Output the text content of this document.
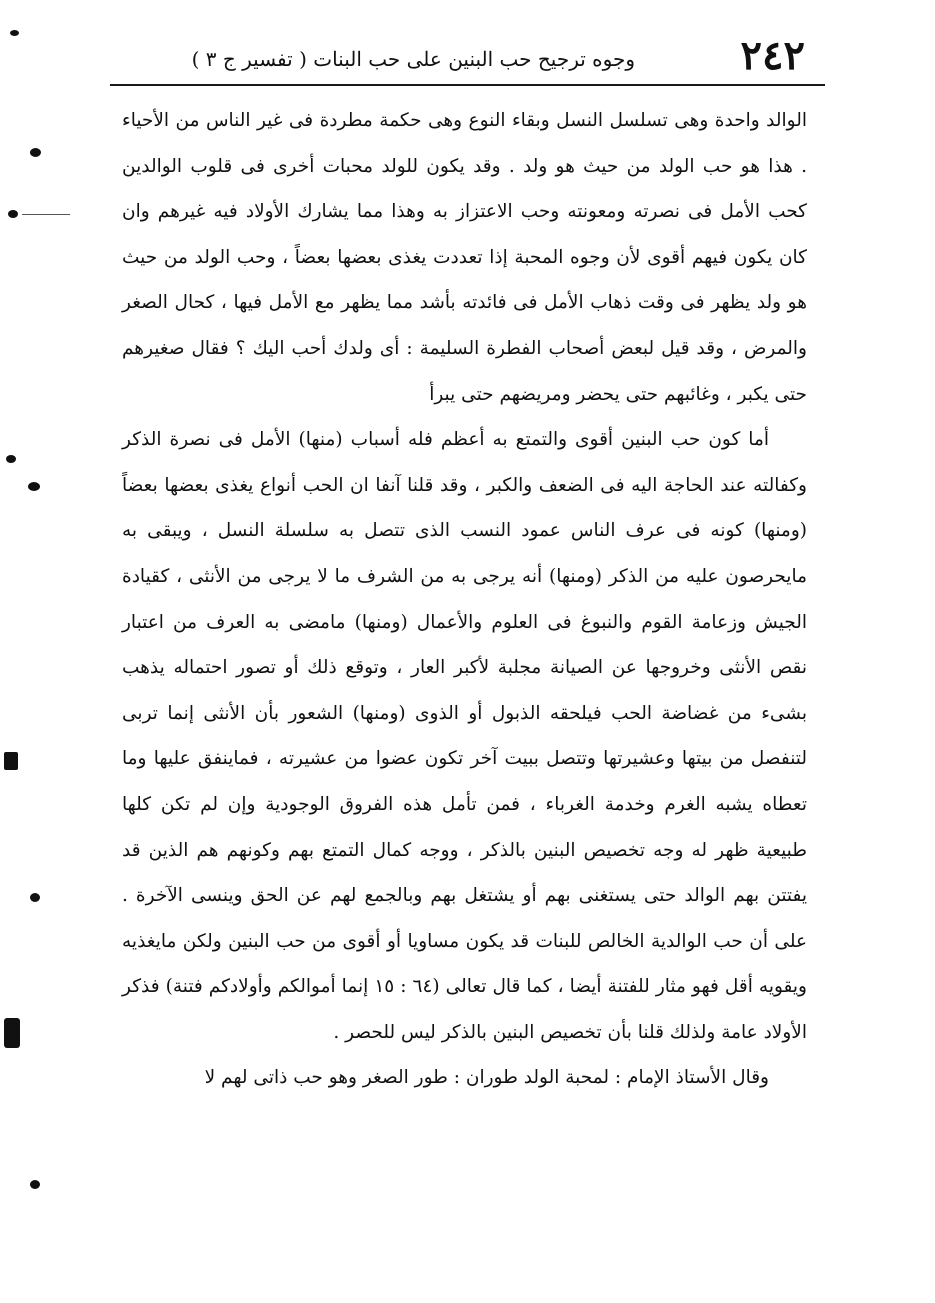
٢٤٢
وجوه ترجيح حب البنين على حب البنات ( تفسير ج ٣ )

الوالد واحدة وهى تسلسل النسل وبقاء النوع وهى حكمة مطردة فى غير الناس من الأحياء . هذا هو حب الولد من حيث هو ولد . وقد يكون للولد محبات أخرى فى قلوب الوالدين كحب الأمل فى نصرته ومعونته وحب الاعتزاز به وهذا مما يشارك الأولاد فيه غيرهم وان كان يكون فيهم أقوى لأن وجوه المحبة إذا تعددت يغذى بعضها بعضاً ، وحب الولد من حيث هو ولد يظهر فى وقت ذهاب الأمل فى فائدته بأشد مما يظهر مع الأمل فيها ، كحال الصغر والمرض ، وقد قيل لبعض أصحاب الفطرة السليمة : أى ولدك أحب اليك ؟ فقال صغيرهم حتى يكبر ، وغائبهم حتى يحضر ومريضهم حتى يبرأ

أما كون حب البنين أقوى والتمتع به أعظم فله أسباب (منها) الأمل فى نصرة الذكر وكفالته عند الحاجة اليه فى الضعف والكبر ، وقد قلنا آنفا ان الحب أنواع يغذى بعضها بعضاً (ومنها) كونه فى عرف الناس عمود النسب الذى تتصل به سلسلة النسل ، ويبقى به مايحرصون عليه من الذكر (ومنها) أنه يرجى به من الشرف ما لا يرجى من الأنثى ، كقيادة الجيش وزعامة القوم والنبوغ فى العلوم والأعمال (ومنها) مامضى به العرف من اعتبار نقص الأنثى وخروجها عن الصيانة مجلبة لأكبر العار ، وتوقع ذلك أو تصور احتماله يذهب بشىء من غضاضة الحب فيلحقه الذبول أو الذوى (ومنها) الشعور بأن الأنثى إنما تربى لتنفصل من بيتها وعشيرتها وتتصل ببيت آخر تكون عضوا من عشيرته ، فماينفق عليها وما تعطاه يشبه الغرم وخدمة الغرباء ، فمن تأمل هذه الفروق الوجودية وإن لم تكن كلها طبيعية ظهر له وجه تخصيص البنين بالذكر ، ووجه كمال التمتع بهم وكونهم هم الذين قد يفتتن بهم الوالد حتى يستغنى بهم أو يشتغل بهم وبالجمع لهم عن الحق وينسى الآخرة . على أن حب الوالدية الخالص للبنات قد يكون مساويا أو أقوى من حب البنين ولكن مايغذيه ويقويه أقل فهو مثار للفتنة أيضا ، كما قال تعالى (٦٤ : ١٥ إنما أموالكم وأولادكم فتنة) فذكر الأولاد عامة ولذلك قلنا بأن تخصيص البنين بالذكر ليس للحصر .

وقال الأستاذ الإمام : لمحبة الولد طوران : طور الصغر وهو حب ذاتى لهم لا
